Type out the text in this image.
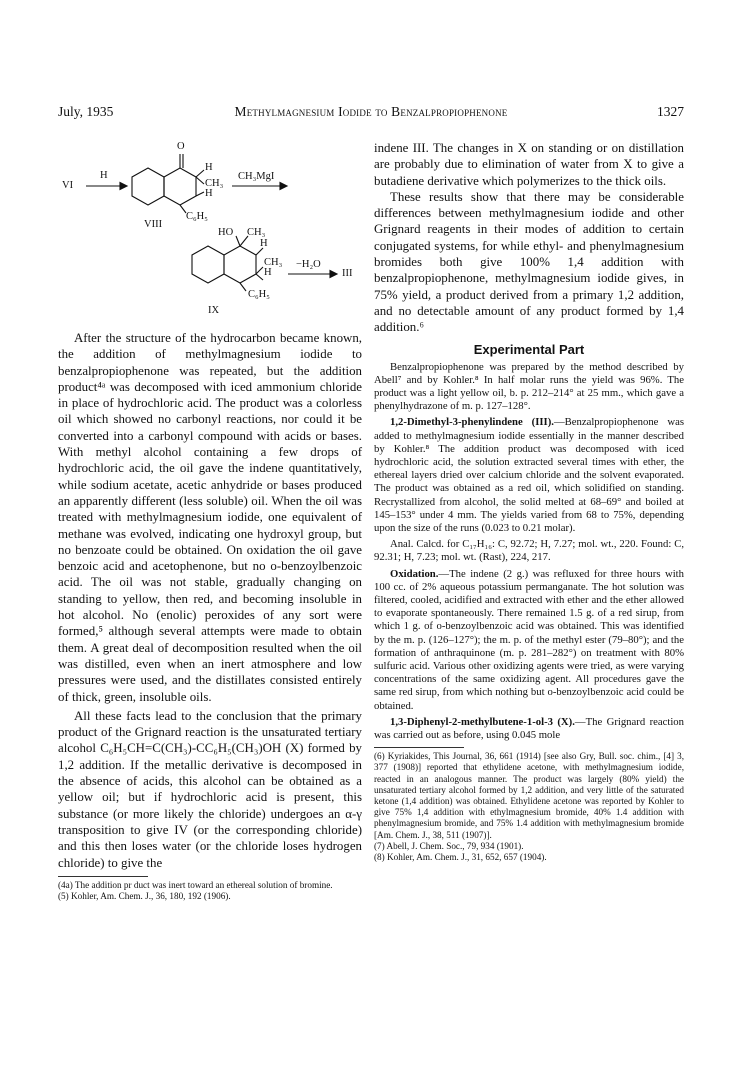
July, 1935	Methylmagnesium Iodide to Benzalpropiophenone	1327
VI
H
O
H
CH₃
CH₃MgI
H
C₆H₅
VIII
HO CH₃
H
CH₃
H
−H₂O
III
C₆H₅
IX

After the structure of the hydrocarbon became known, the addition of methylmagnesium iodide to benzalpropiophenone was repeated, but the addition product⁴ᵃ was decomposed with iced ammonium chloride in place of hydrochloric acid. The product was a colorless oil which showed no carbonyl reactions, nor could it be converted into a carbonyl compound with acids or bases. With methyl alcohol containing a few drops of hydrochloric acid, the oil gave the indene quantitatively, while sodium acetate, acetic anhydride or bases produced an apparently different (less soluble) oil. When the oil was treated with methylmagnesium iodide, one equivalent of methane was evolved, indicating one hydroxyl group, but no benzoate could be obtained. On oxidation the oil gave benzoic acid and acetophenone, but no o-benzoylbenzoic acid. The oil was not stable, gradually changing on standing to yellow, then red, and becoming insoluble in hot alcohol. No (enolic) peroxides of any sort were formed,⁵ although several attempts were made to obtain them. A great deal of decomposition resulted when the oil was distilled, even when an inert atmosphere and low pressures were used, and the distillates consisted entirely of thick, green, insoluble oils.

All these facts lead to the conclusion that the primary product of the Grignard reaction is the unsaturated tertiary alcohol C₆H₅CH=C(CH₃)-CC₆H₅(CH₃)OH (X) formed by 1,2 addition. If the metallic derivative is decomposed in the absence of acids, this alcohol can be obtained as a yellow oil; but if hydrochloric acid is present, this substance (or more likely the chloride) undergoes an α-γ transposition to give IV (or the corresponding chloride) and this then loses water (or the chloride loses hydrogen chloride) to give the

(4a) The addition pr duct was inert toward an ethereal solution of bromine.

(5) Kohler, Am. Chem. J., 36, 180, 192 (1906).

indene III. The changes in X on standing or on distillation are probably due to elimination of water from X to give a butadiene derivative which polymerizes to the thick oils.

These results show that there may be considerable differences between methylmagnesium iodide and other Grignard reagents in their modes of addition to certain conjugated systems, for while ethyl- and phenylmagnesium bromides both give 100% 1,4 addition with benzalpropiophenone, methylmagnesium iodide gives, in 75% yield, a product derived from a primary 1,2 addition, and no detectable amount of any product formed by 1,4 addition.⁶

Experimental Part

Benzalpropiophenone was prepared by the method described by Abell⁷ and by Kohler.⁸ In half molar runs the yield was 96%. The product was a light yellow oil, b. p. 212–214° at 25 mm., which gave a phenylhydrazone of m. p. 127–128°.

1,2-Dimethyl-3-phenylindene (III).—Benzalpropiophenone was added to methylmagnesium iodide essentially in the manner described by Kohler.⁸ The addition product was decomposed with iced hydrochloric acid, the solution extracted several times with ether, the ethereal layers dried over calcium chloride and the solvent evaporated. The product was obtained as a red oil, which solidified on standing. Recrystallized from alcohol, the solid melted at 68–69° and boiled at 145–153° under 4 mm. The yields varied from 68 to 75%, depending upon the size of the runs (0.023 to 0.21 molar).

Anal. Calcd. for C₁₇H₁₆: C, 92.72; H, 7.27; mol. wt., 220. Found: C, 92.31; H, 7.23; mol. wt. (Rast), 224, 217.

Oxidation.—The indene (2 g.) was refluxed for three hours with 100 cc. of 2% aqueous potassium permanganate. The hot solution was filtered, cooled, acidified and extracted with ether and the ether allowed to evaporate spontaneously. There remained 1.5 g. of a red sirup, from which 1 g. of o-benzoylbenzoic acid was obtained. This was identified by the m. p. (126–127°); the m. p. of the methyl ester (79–80°); and the formation of anthraquinone (m. p. 281–282°) on treatment with 80% sulfuric acid. Various other oxidizing agents were tried, as were varying concentrations of the same oxidizing agent. All procedures gave the same red sirup, from which nothing but o-benzoylbenzoic acid could be obtained.

1,3-Diphenyl-2-methylbutene-1-ol-3 (X).—The Grignard reaction was carried out as before, using 0.045 mole

(6) Kyriakides, This Journal, 36, 661 (1914) [see also Gry, Bull. soc. chim., [4] 3, 377 (1908)] reported that ethylidene acetone, with methylmagnesium iodide, reacted in an analogous manner. The product was largely (80% yield) the unsaturated tertiary alcohol formed by 1,2 addition, and very little of the saturated ketone (1,4 addition) was obtained. Ethylidene acetone was reported by Kohler to give 75% 1,4 addition with ethylmagnesium bromide, 40% 1.4 addition with phenylmagnesium bromide, and 75% 1.4 addition with methylmagnesium bromide [Am. Chem. J., 38, 511 (1907)].

(7) Abell, J. Chem. Soc., 79, 934 (1901).

(8) Kohler, Am. Chem. J., 31, 652, 657 (1904).
